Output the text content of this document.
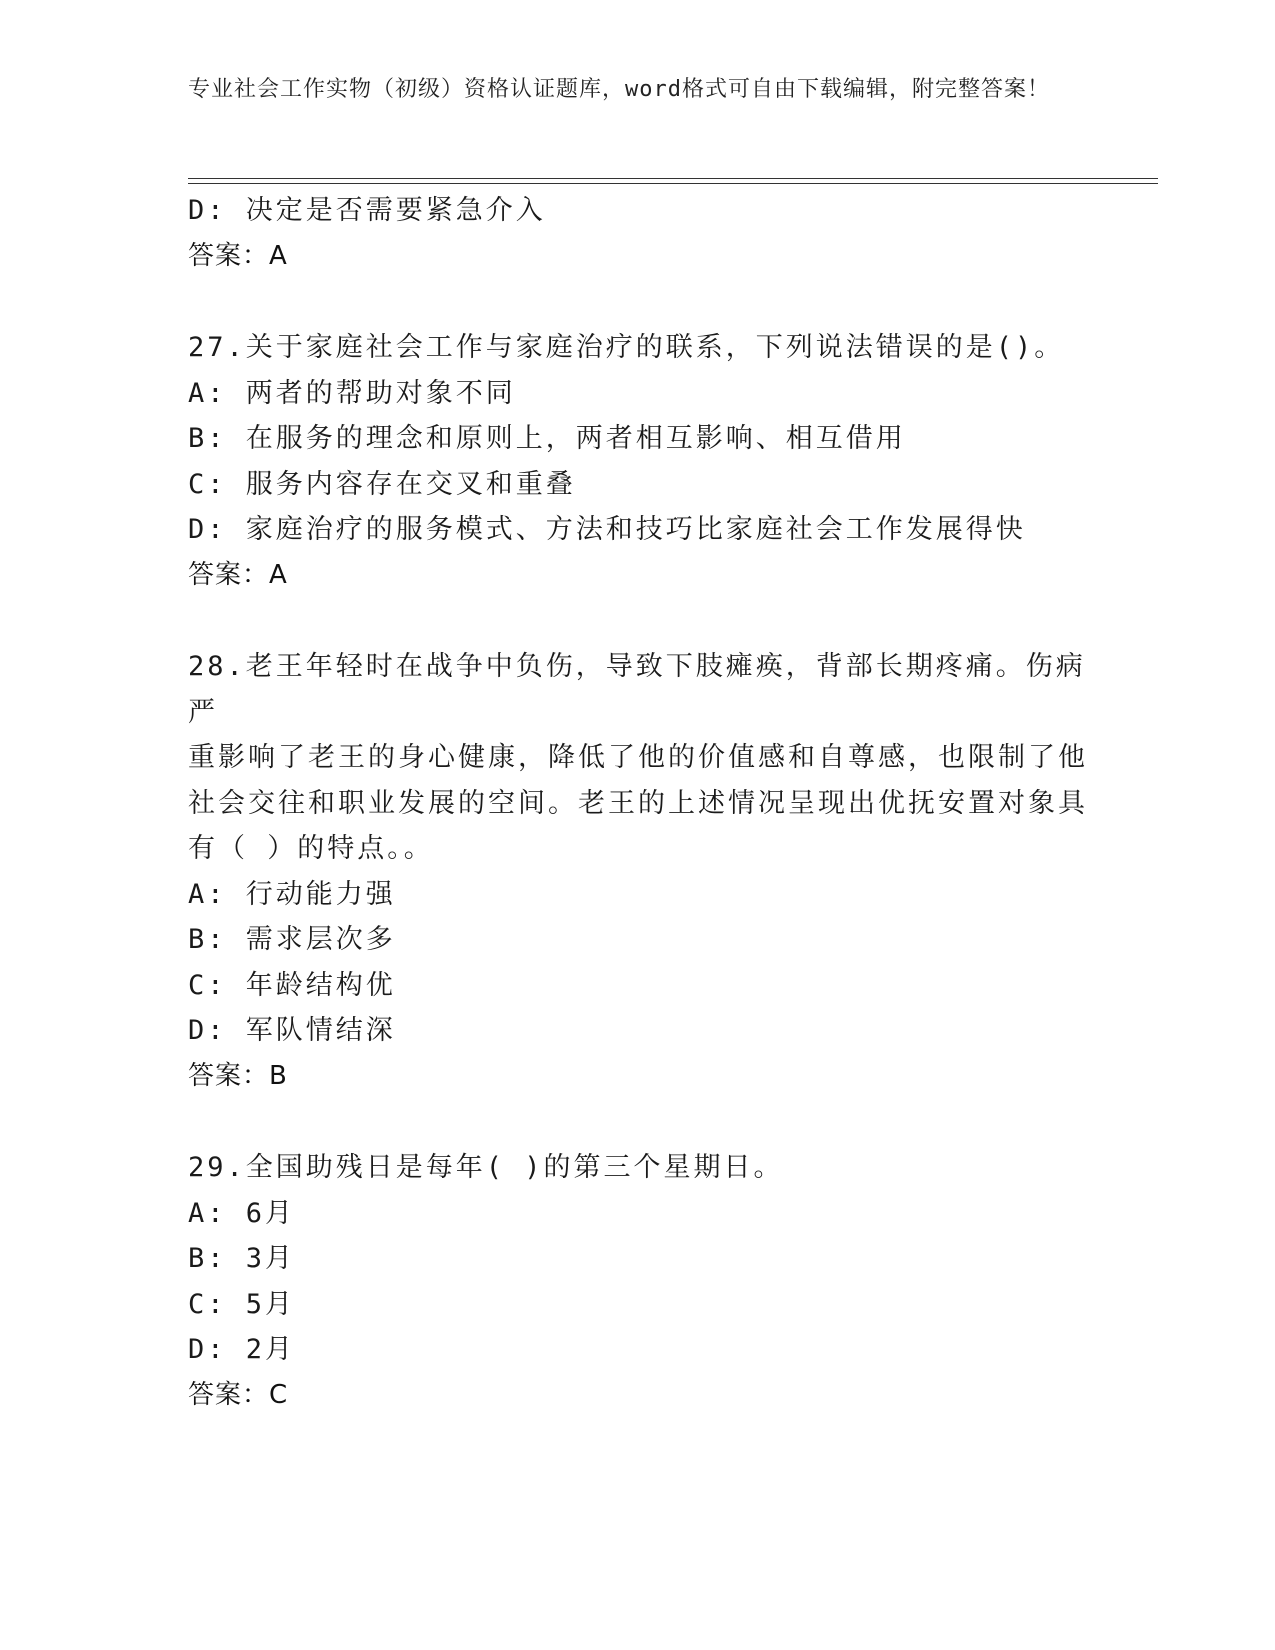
专业社会工作实物（初级）资格认证题库，word格式可自由下载编辑，附完整答案！
D: 决定是否需要紧急介入
答案：A
27.关于家庭社会工作与家庭治疗的联系，下列说法错误的是()。
A: 两者的帮助对象不同
B: 在服务的理念和原则上，两者相互影响、相互借用
C: 服务内容存在交叉和重叠
D: 家庭治疗的服务模式、方法和技巧比家庭社会工作发展得快
答案：A
28.老王年轻时在战争中负伤，导致下肢瘫痪，背部长期疼痛。伤病严
重影响了老王的身心健康，降低了他的价值感和自尊感，也限制了他
社会交往和职业发展的空间。老王的上述情况呈现出优抚安置对象具
有（ ）的特点。。
A: 行动能力强
B: 需求层次多
C: 年龄结构优
D: 军队情结深
答案：B
29.全国助残日是每年( )的第三个星期日。
A: 6月
B: 3月
C: 5月
D: 2月
答案：C
